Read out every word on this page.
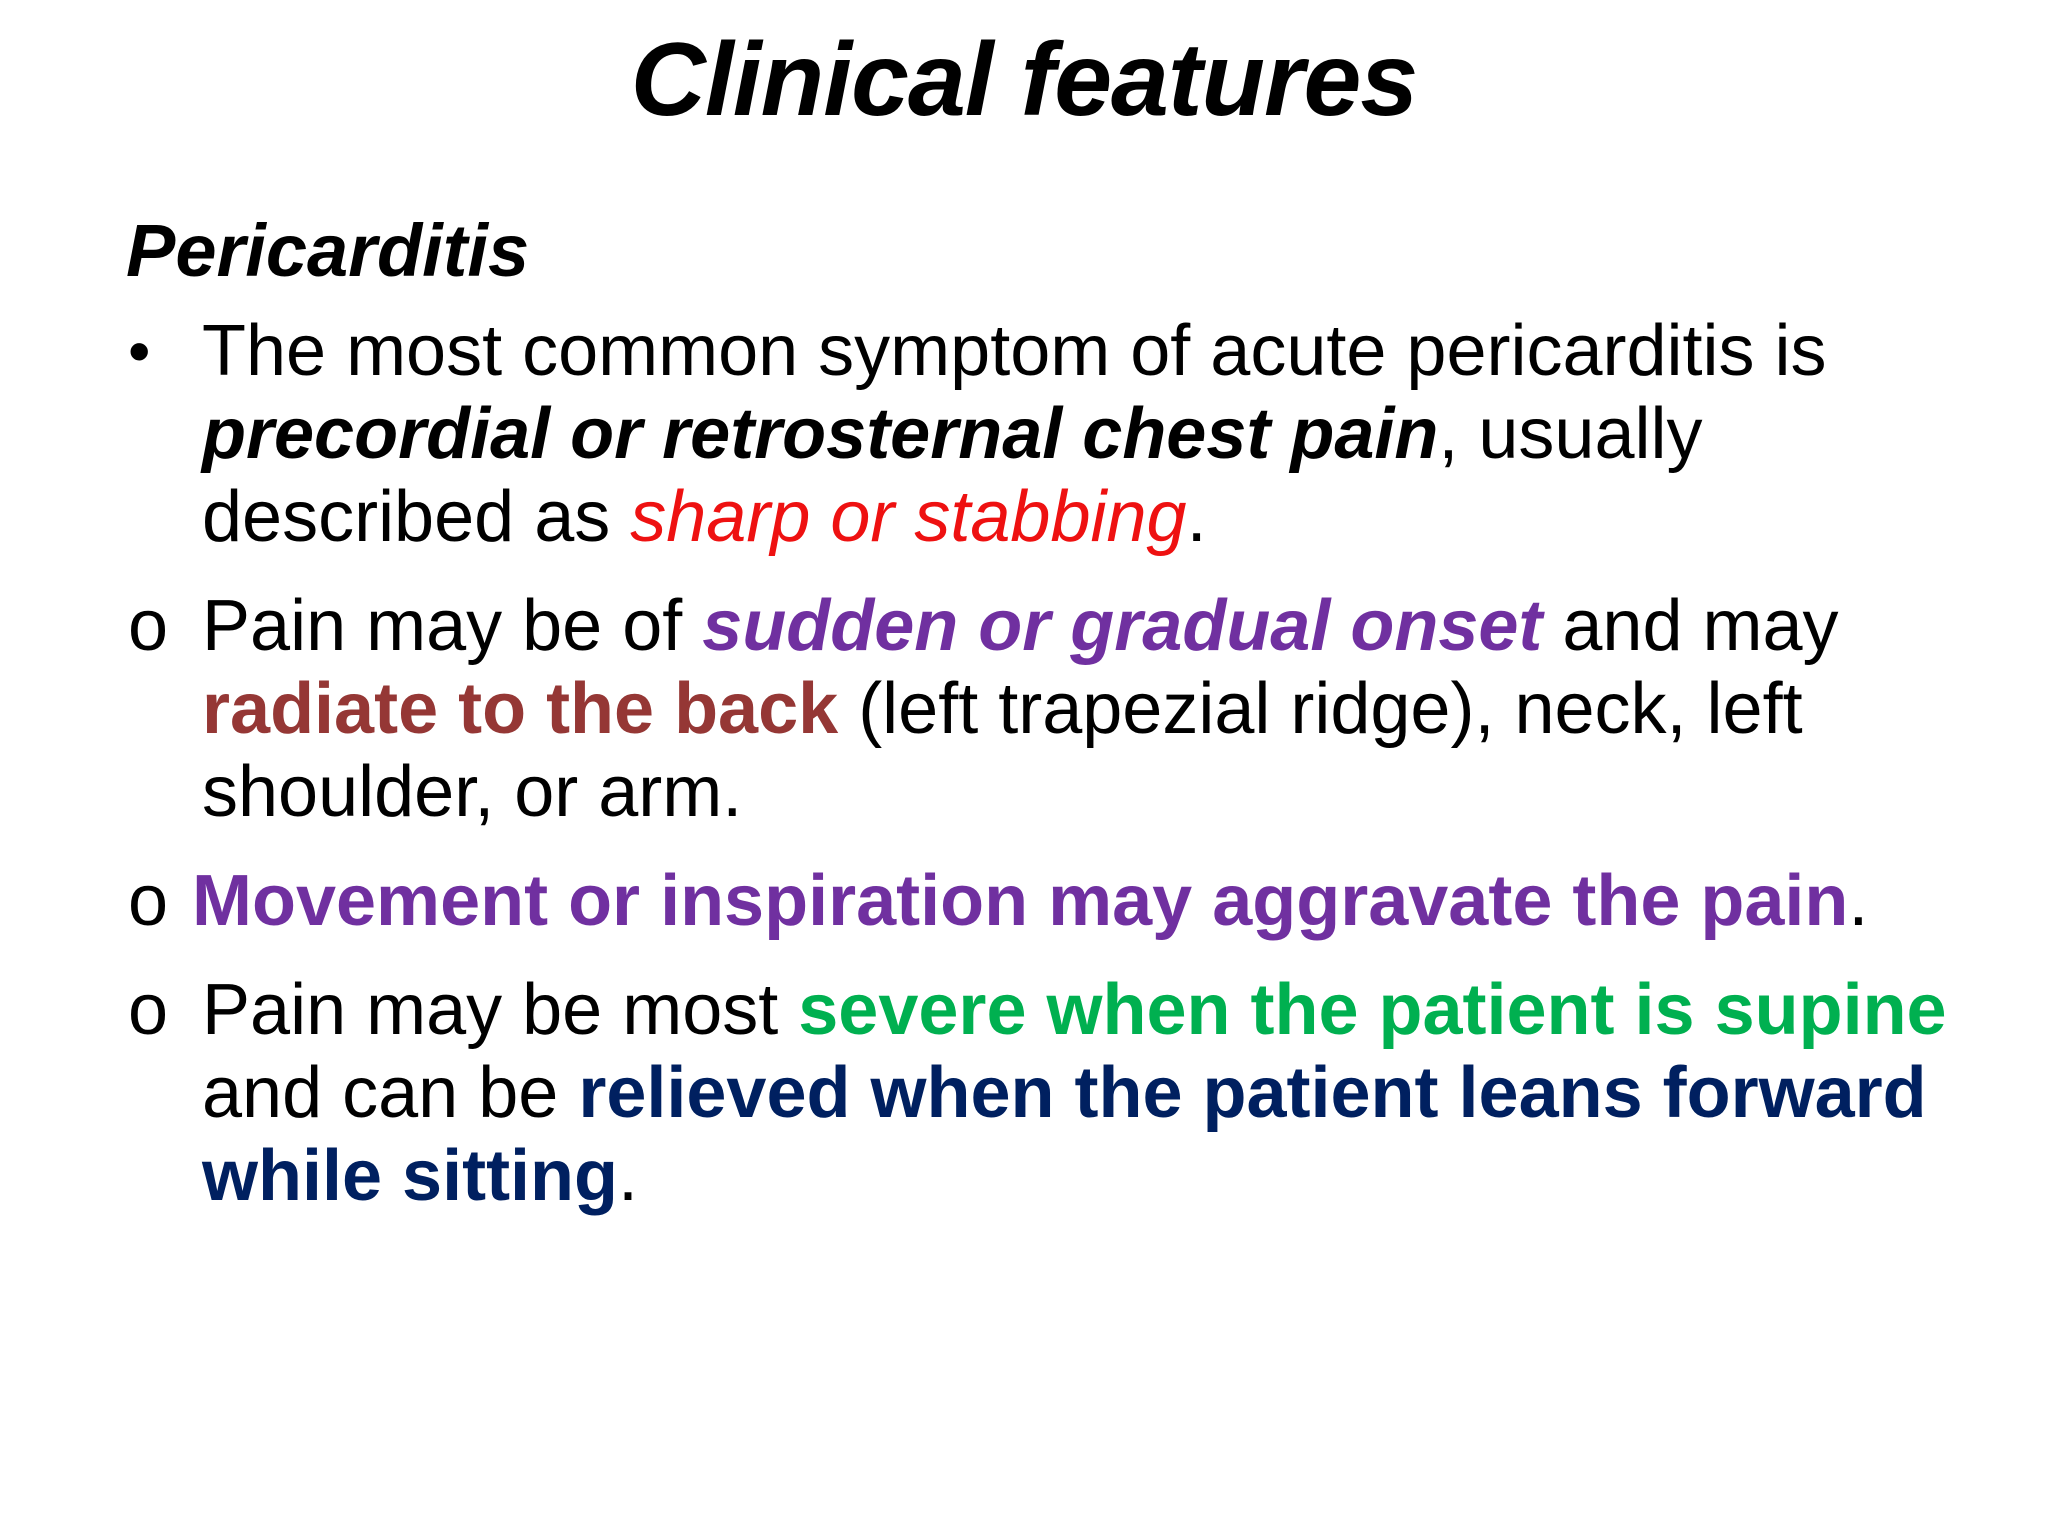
Clinical features
Pericarditis
• The most common symptom of acute pericarditis is precordial or retrosternal chest pain, usually described as sharp or stabbing.
o Pain may be of sudden or gradual onset and may radiate to the back (left trapezial ridge), neck, left shoulder, or arm.
o Movement or inspiration may aggravate the pain.
o Pain may be most severe when the patient is supine and can be relieved when the patient leans forward while sitting.
